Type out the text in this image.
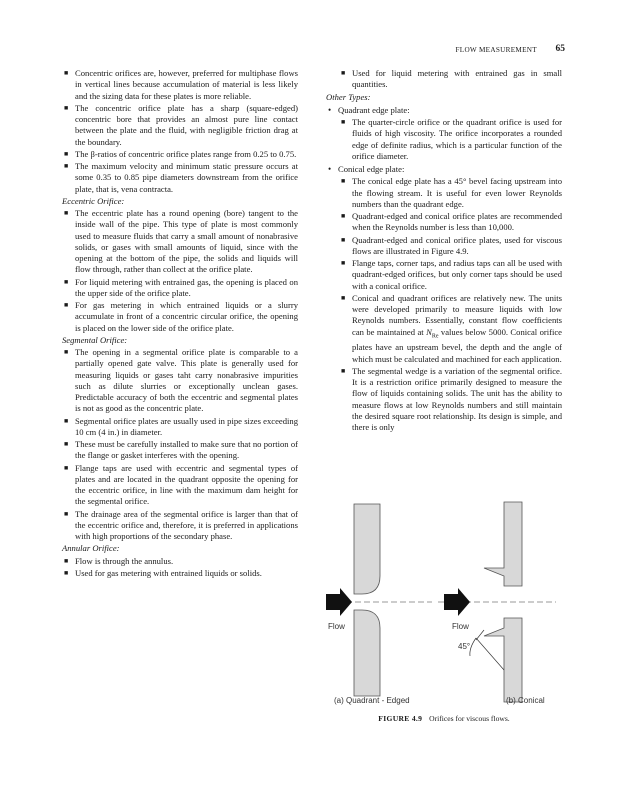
FLOW MEASUREMENT 65
■ Concentric orifices are, however, preferred for multiphase flows in vertical lines because accumulation of material is less likely and the sizing data for these plates is more reliable.
■ The concentric orifice plate has a sharp (square-edged) concentric bore that provides an almost pure line contact between the plate and the fluid, with negligible friction drag at the boundary.
■ The β-ratios of concentric orifice plates range from 0.25 to 0.75.
■ The maximum velocity and minimum static pressure occurs at some 0.35 to 0.85 pipe diameters downstream from the orifice plate, that is, vena contracta.
Eccentric Orifice:
■ The eccentric plate has a round opening (bore) tangent to the inside wall of the pipe. This type of plate is most commonly used to measure fluids that carry a small amount of nonabrasive solids, or gases with small amounts of liquid, since with the opening at the bottom of the pipe, the solids and liquids will flow through, rather than collect at the orifice plate.
■ For liquid metering with entrained gas, the opening is placed on the upper side of the orifice plate.
■ For gas metering in which entrained liquids or a slurry accumulate in front of a concentric circular orifice, the opening is placed on the lower side of the orifice plate.
Segmental Orifice:
■ The opening in a segmental orifice plate is comparable to a partially opened gate valve. This plate is generally used for measuring liquids or gases taht carry nonabrasive impurities such as dilute slurries or exceptionally unclean gases. Predictable accuracy of both the eccentric and segmental plates is not as good as the concentric plate.
■ Segmental orifice plates are usually used in pipe sizes exceeding 10 cm (4 in.) in diameter.
■ These must be carefully installed to make sure that no portion of the flange or gasket interferes with the opening.
■ Flange taps are used with eccentric and segmental types of plates and are located in the quadrant opposite the opening for the eccentric orifice, in line with the maximum dam height for the segmental orifice.
■ The drainage area of the segmental orifice is larger than that of the eccentric orifice and, therefore, it is preferred in applications with high proportions of the secondary phase.
Annular Orifice:
■ Flow is through the annulus.
■ Used for gas metering with entrained liquids or solids.
■ Used for liquid metering with entrained gas in small quantities.
Other Types:
• Quadrant edge plate:
■ The quarter-circle orifice or the quadrant orifice is used for fluids of high viscosity. The orifice incorporates a rounded edge of definite radius, which is a particular function of the orifice diameter.
• Conical edge plate:
■ The conical edge plate has a 45° bevel facing upstream into the flowing stream. It is useful for even lower Reynolds numbers than the quadrant edge.
■ Quadrant-edged and conical orifice plates are recommended when the Reynolds number is less than 10,000.
■ Quadrant-edged and conical orifice plates, used for viscous flows are illustrated in Figure 4.9.
■ Flange taps, corner taps, and radius taps can all be used with quadrant-edged orifices, but only corner taps should be used with a conical orifice.
■ Conical and quadrant orifices are relatively new. The units were developed primarily to measure liquids with low Reynolds numbers. Essentially, constant flow coefficients can be maintained at $N_{Re}$ values below 5000. Conical orifice plates have an upstream bevel, the depth and the angle of which must be calculated and machined for each application.
■ The segmental wedge is a variation of the segmental orifice. It is a restriction orifice primarily designed to measure the flow of liquids containing solids. The unit has the ability to measure flows at low Reynolds numbers and still maintain the desired square root relationship. Its design is simple, and there is only
Flow	Flow
45°
(a) Quadrant - Edged	(b) Conical
FIGURE 4.9 Orifices for viscous flows.
